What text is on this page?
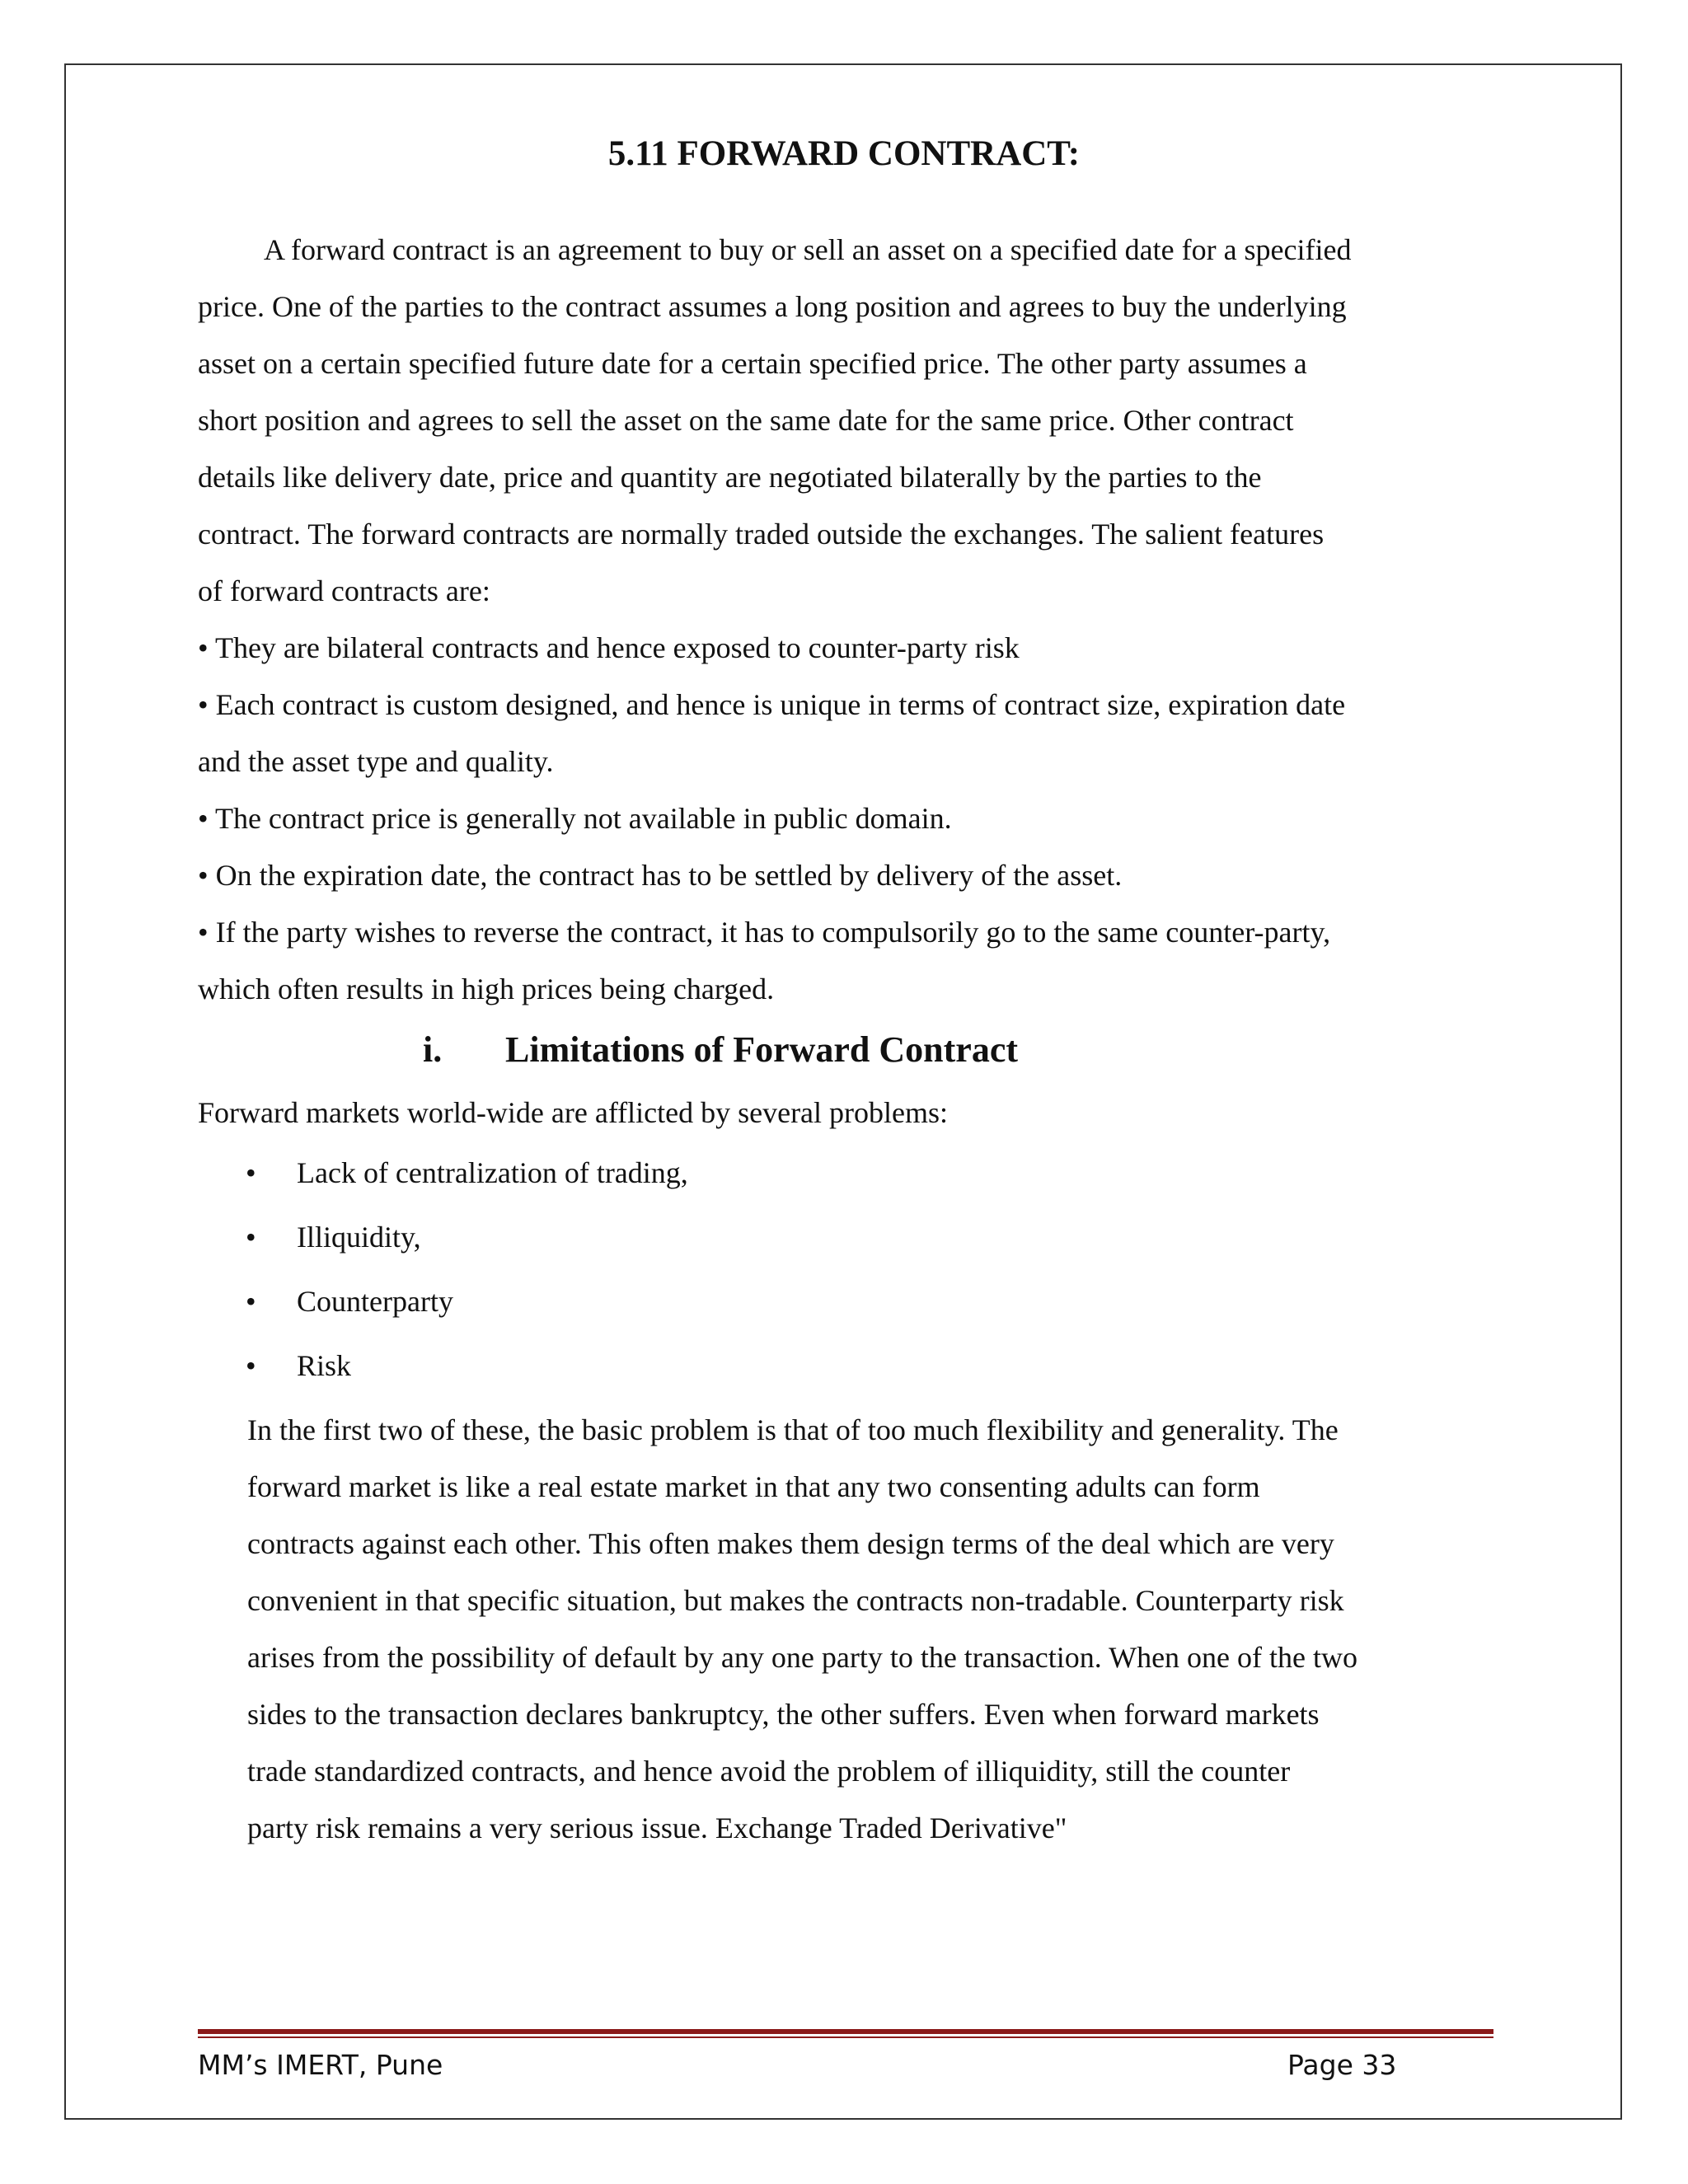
5.11 FORWARD CONTRACT:
A forward contract is an agreement to buy or sell an asset on a specified date for a specified
price. One of the parties to the contract assumes a long position and agrees to buy the underlying
asset on a certain specified future date for a certain specified price. The other party assumes a
short position and agrees to sell the asset on the same date for the same price. Other contract
details like delivery date, price and quantity are negotiated bilaterally by the parties to the
contract. The forward contracts are normally traded outside the exchanges. The salient features
of forward contracts are:
• They are bilateral contracts and hence exposed to counter-party risk
• Each contract is custom designed, and hence is unique in terms of contract size, expiration date
and the asset type and quality.
• The contract price is generally not available in public domain.
• On the expiration date, the contract has to be settled by delivery of the asset.
• If the party wishes to reverse the contract, it has to compulsorily go to the same counter-party,
which often results in high prices being charged.
i. Limitations of Forward Contract
Forward markets world-wide are afflicted by several problems:
• Lack of centralization of trading,
• Illiquidity,
• Counterparty
• Risk
In the first two of these, the basic problem is that of too much flexibility and generality. The
forward market is like a real estate market in that any two consenting adults can form
contracts against each other. This often makes them design terms of the deal which are very
convenient in that specific situation, but makes the contracts non-tradable. Counterparty risk
arises from the possibility of default by any one party to the transaction. When one of the two
sides to the transaction declares bankruptcy, the other suffers. Even when forward markets
trade standardized contracts, and hence avoid the problem of illiquidity, still the counter
party risk remains a very serious issue. Exchange Traded Derivative"
MM’s IMERT, Pune	Page 33
